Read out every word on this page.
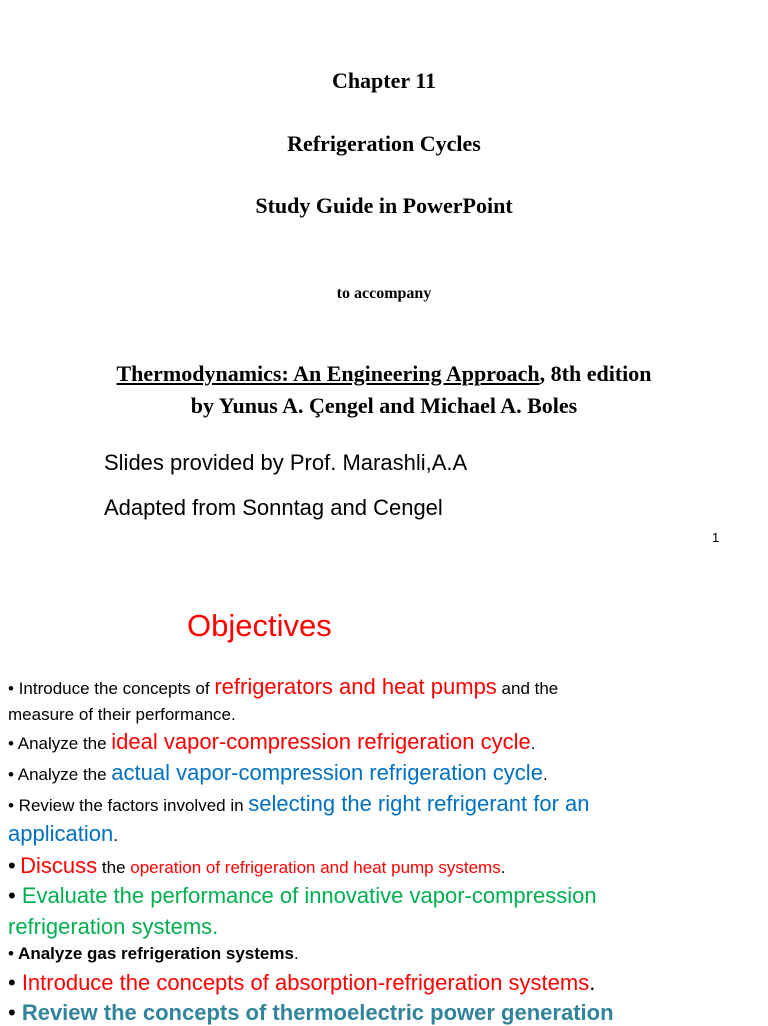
Chapter 11
Refrigeration Cycles
Study Guide in PowerPoint
to accompany
Thermodynamics: An Engineering Approach, 8th edition
by Yunus A. Çengel and Michael A. Boles
Slides provided by Prof. Marashli,A.A
Adapted from Sonntag and Cengel
1
Objectives
• Introduce the concepts of refrigerators and heat pumps and the
measure of their performance.
• Analyze the ideal vapor-compression refrigeration cycle.
• Analyze the actual vapor-compression refrigeration cycle.
• Review the factors involved in selecting the right refrigerant for an
application.
• Discuss the operation of refrigeration and heat pump systems.
• Evaluate the performance of innovative vapor-compression
refrigeration systems.
• Analyze gas refrigeration systems.
• Introduce the concepts of absorption-refrigeration systems.
• Review the concepts of thermoelectric power generation
